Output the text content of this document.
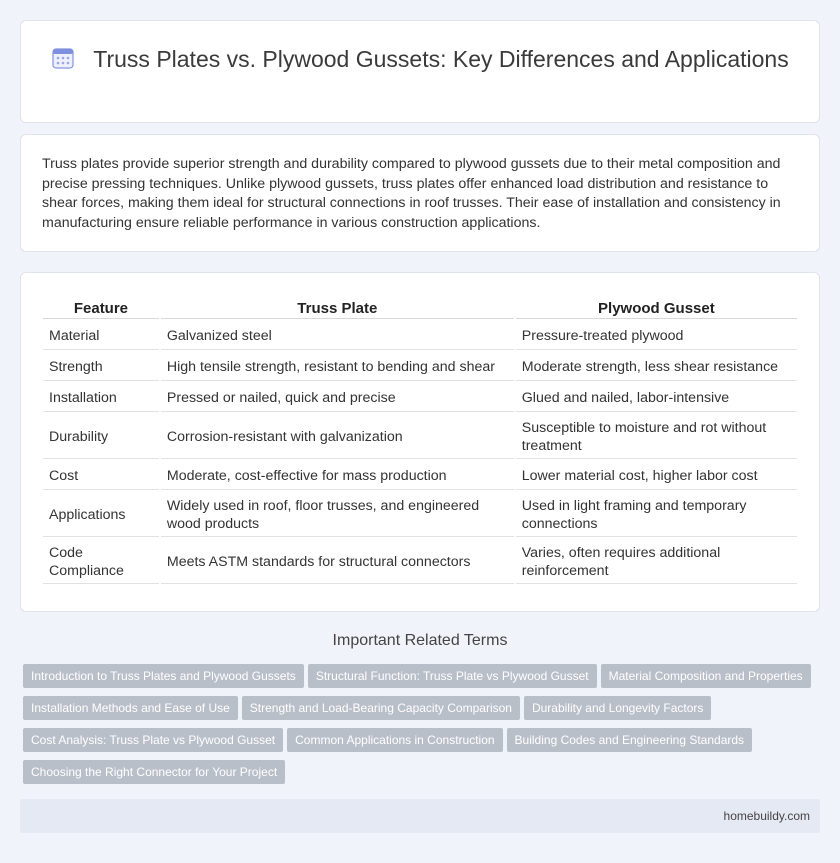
Truss Plates vs. Plywood Gussets: Key Differences and Applications

Truss plates provide superior strength and durability compared to plywood gussets due to their metal composition and precise pressing techniques. Unlike plywood gussets, truss plates offer enhanced load distribution and resistance to shear forces, making them ideal for structural connections in roof trusses. Their ease of installation and consistency in manufacturing ensure reliable performance in various construction applications.

Feature	Truss Plate	Plywood Gusset
Material	Galvanized steel	Pressure-treated plywood
Strength	High tensile strength, resistant to bending and shear	Moderate strength, less shear resistance
Installation	Pressed or nailed, quick and precise	Glued and nailed, labor-intensive
Durability	Corrosion-resistant with galvanization	Susceptible to moisture and rot without treatment
Cost	Moderate, cost-effective for mass production	Lower material cost, higher labor cost
Applications	Widely used in roof, floor trusses, and engineered wood products	Used in light framing and temporary connections
Code Compliance	Meets ASTM standards for structural connectors	Varies, often requires additional reinforcement
Important Related Terms
Introduction to Truss Plates and Plywood Gussets Structural Function: Truss Plate vs Plywood Gusset Material Composition and Properties
Installation Methods and Ease of Use Strength and Load-Bearing Capacity Comparison Durability and Longevity Factors
Cost Analysis: Truss Plate vs Plywood Gusset Common Applications in Construction Building Codes and Engineering Standards
Choosing the Right Connector for Your Project
homebuildy.com
